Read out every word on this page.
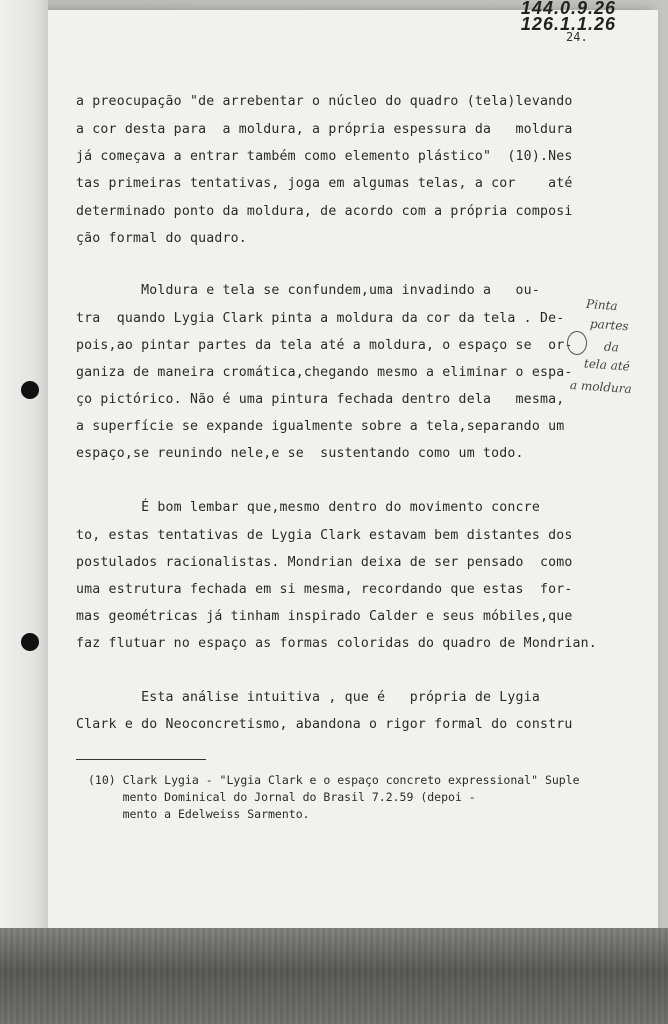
144.0.9.26
126.1.1.26
24.
a preocupação "de arrebentar o núcleo do quadro (tela)levando
a cor desta para  a moldura, a própria espessura da   moldura
já começava a entrar também como elemento plástico"  (10).Nes
tas primeiras tentativas, joga em algumas telas, a cor    até
determinado ponto da moldura, de acordo com a própria composi
ção formal do quadro.
Moldura e tela se confundem,uma invadindo a   ou-
tra  quando Lygia Clark pinta a moldura da cor da tela . De-
pois,ao pintar partes da tela até a moldura, o espaço se  or-
ganiza de maneira cromática,chegando mesmo a eliminar o espa-
ço pictórico. Não é uma pintura fechada dentro dela   mesma,
a superfície se expande igualmente sobre a tela,separando um
espaço,se reunindo nele,e se  sustentando como um todo.
É bom lembar que,mesmo dentro do movimento concre
to, estas tentativas de Lygia Clark estavam bem distantes dos
postulados racionalistas. Mondrian deixa de ser pensado  como
uma estrutura fechada em si mesma, recordando que estas  for-
mas geométricas já tinham inspirado Calder e seus móbiles,que
faz flutuar no espaço as formas coloridas do quadro de Mondrian.
Esta análise intuitiva , que é   própria de Lygia
Clark e do Neoconcretismo, abandona o rigor formal do constru
Pinta
partes
da
tela até
a moldura
(10) Clark Lygia - "Lygia Clark e o espaço concreto expressional" Suple
mento Dominical do Jornal do Brasil 7.2.59 (depoi -
mento a Edelweiss Sarmento.
